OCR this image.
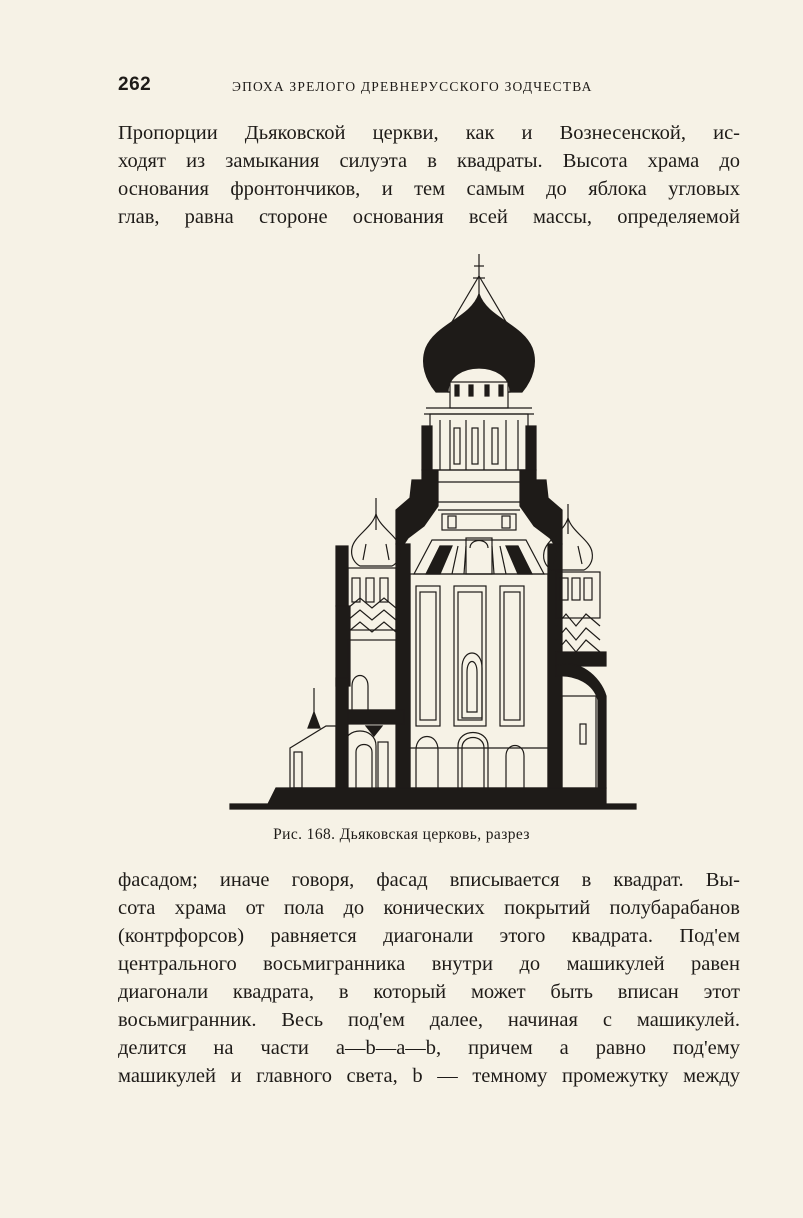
262	ЭПОХА ЗРЕЛОГО ДРЕВНЕРУССКОГО ЗОДЧЕСТВА
Пропорции Дьяковской церкви, как и Вознесенской, ис-
ходят из замыкания силуэта в квадраты. Высота храма до
основания фронтончиков, и тем самым до яблока угловых
глав, равна стороне основания всей массы, определяемой
Рис. 168. Дьяковская церковь, разрез
фасадом; иначе говоря, фасад вписывается в квадрат. Вы-
сота храма от пола до конических покрытий полубарабанов
(контрфорсов) равняется диагонали этого квадрата. Под'ем
центрального восьмигранника внутри до машикулей равен
диагонали квадрата, в который может быть вписан этот
восьмигранник. Весь под'ем далее, начиная с машикулей.
делится на части a—b—a—b, причем a равно под'ему
машикулей и главного света, b — темному промежутку между
